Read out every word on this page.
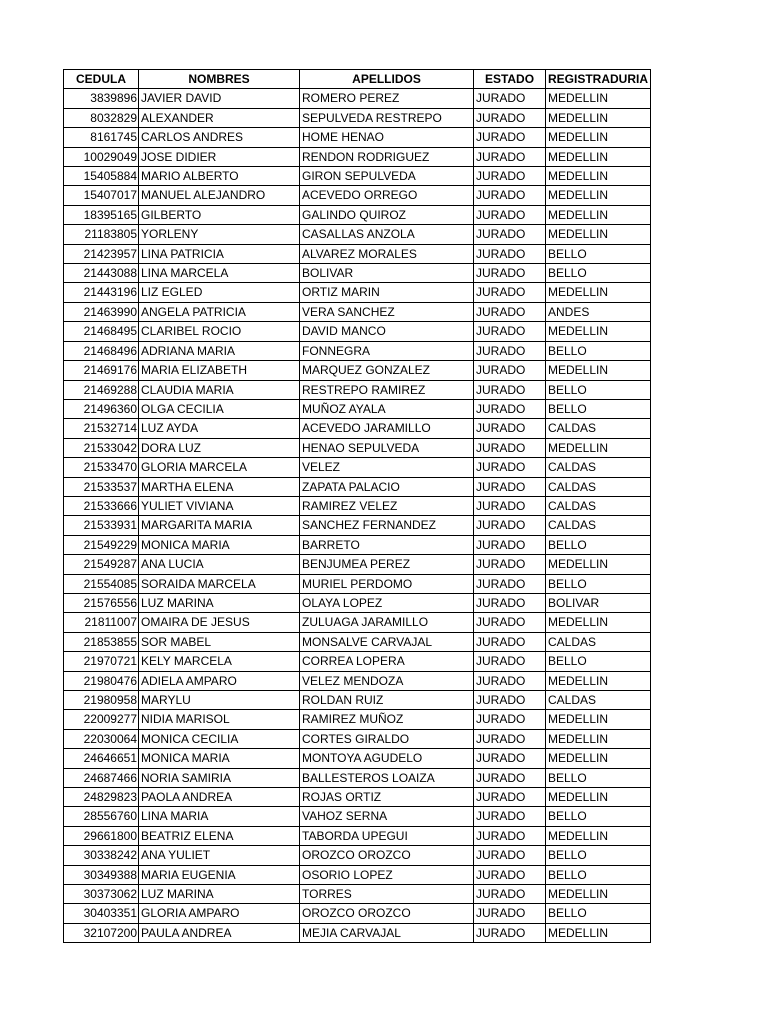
CEDULA	NOMBRES	APELLIDOS	ESTADO	REGISTRADURIA
3839896	JAVIER DAVID	ROMERO PEREZ	JURADO	MEDELLIN
8032829	ALEXANDER	SEPULVEDA RESTREPO	JURADO	MEDELLIN
8161745	CARLOS ANDRES	HOME HENAO	JURADO	MEDELLIN
10029049	JOSE DIDIER	RENDON RODRIGUEZ	JURADO	MEDELLIN
15405884	MARIO ALBERTO	GIRON SEPULVEDA	JURADO	MEDELLIN
15407017	MANUEL ALEJANDRO	ACEVEDO ORREGO	JURADO	MEDELLIN
18395165	GILBERTO	GALINDO QUIROZ	JURADO	MEDELLIN
21183805	YORLENY	CASALLAS ANZOLA	JURADO	MEDELLIN
21423957	LINA PATRICIA	ALVAREZ MORALES	JURADO	BELLO
21443088	LINA MARCELA	BOLIVAR	JURADO	BELLO
21443196	LIZ EGLED	ORTIZ MARIN	JURADO	MEDELLIN
21463990	ANGELA PATRICIA	VERA SANCHEZ	JURADO	ANDES
21468495	CLARIBEL ROCIO	DAVID MANCO	JURADO	MEDELLIN
21468496	ADRIANA MARIA	FONNEGRA	JURADO	BELLO
21469176	MARIA ELIZABETH	MARQUEZ GONZALEZ	JURADO	MEDELLIN
21469288	CLAUDIA MARIA	RESTREPO RAMIREZ	JURADO	BELLO
21496360	OLGA CECILIA	MUÑOZ AYALA	JURADO	BELLO
21532714	LUZ AYDA	ACEVEDO JARAMILLO	JURADO	CALDAS
21533042	DORA LUZ	HENAO SEPULVEDA	JURADO	MEDELLIN
21533470	GLORIA MARCELA	VELEZ	JURADO	CALDAS
21533537	MARTHA ELENA	ZAPATA PALACIO	JURADO	CALDAS
21533666	YULIET VIVIANA	RAMIREZ VELEZ	JURADO	CALDAS
21533931	MARGARITA MARIA	SANCHEZ FERNANDEZ	JURADO	CALDAS
21549229	MONICA MARIA	BARRETO	JURADO	BELLO
21549287	ANA LUCIA	BENJUMEA PEREZ	JURADO	MEDELLIN
21554085	SORAIDA MARCELA	MURIEL PERDOMO	JURADO	BELLO
21576556	LUZ MARINA	OLAYA LOPEZ	JURADO	BOLIVAR
21811007	OMAIRA DE JESUS	ZULUAGA JARAMILLO	JURADO	MEDELLIN
21853855	SOR MABEL	MONSALVE CARVAJAL	JURADO	CALDAS
21970721	KELY MARCELA	CORREA LOPERA	JURADO	BELLO
21980476	ADIELA AMPARO	VELEZ MENDOZA	JURADO	MEDELLIN
21980958	MARYLU	ROLDAN RUIZ	JURADO	CALDAS
22009277	NIDIA MARISOL	RAMIREZ MUÑOZ	JURADO	MEDELLIN
22030064	MONICA CECILIA	CORTES GIRALDO	JURADO	MEDELLIN
24646651	MONICA MARIA	MONTOYA AGUDELO	JURADO	MEDELLIN
24687466	NORIA SAMIRIA	BALLESTEROS LOAIZA	JURADO	BELLO
24829823	PAOLA ANDREA	ROJAS ORTIZ	JURADO	MEDELLIN
28556760	LINA MARIA	VAHOZ SERNA	JURADO	BELLO
29661800	BEATRIZ ELENA	TABORDA UPEGUI	JURADO	MEDELLIN
30338242	ANA YULIET	OROZCO OROZCO	JURADO	BELLO
30349388	MARIA EUGENIA	OSORIO LOPEZ	JURADO	BELLO
30373062	LUZ MARINA	TORRES	JURADO	MEDELLIN
30403351	GLORIA AMPARO	OROZCO OROZCO	JURADO	BELLO
32107200	PAULA ANDREA	MEJIA CARVAJAL	JURADO	MEDELLIN
